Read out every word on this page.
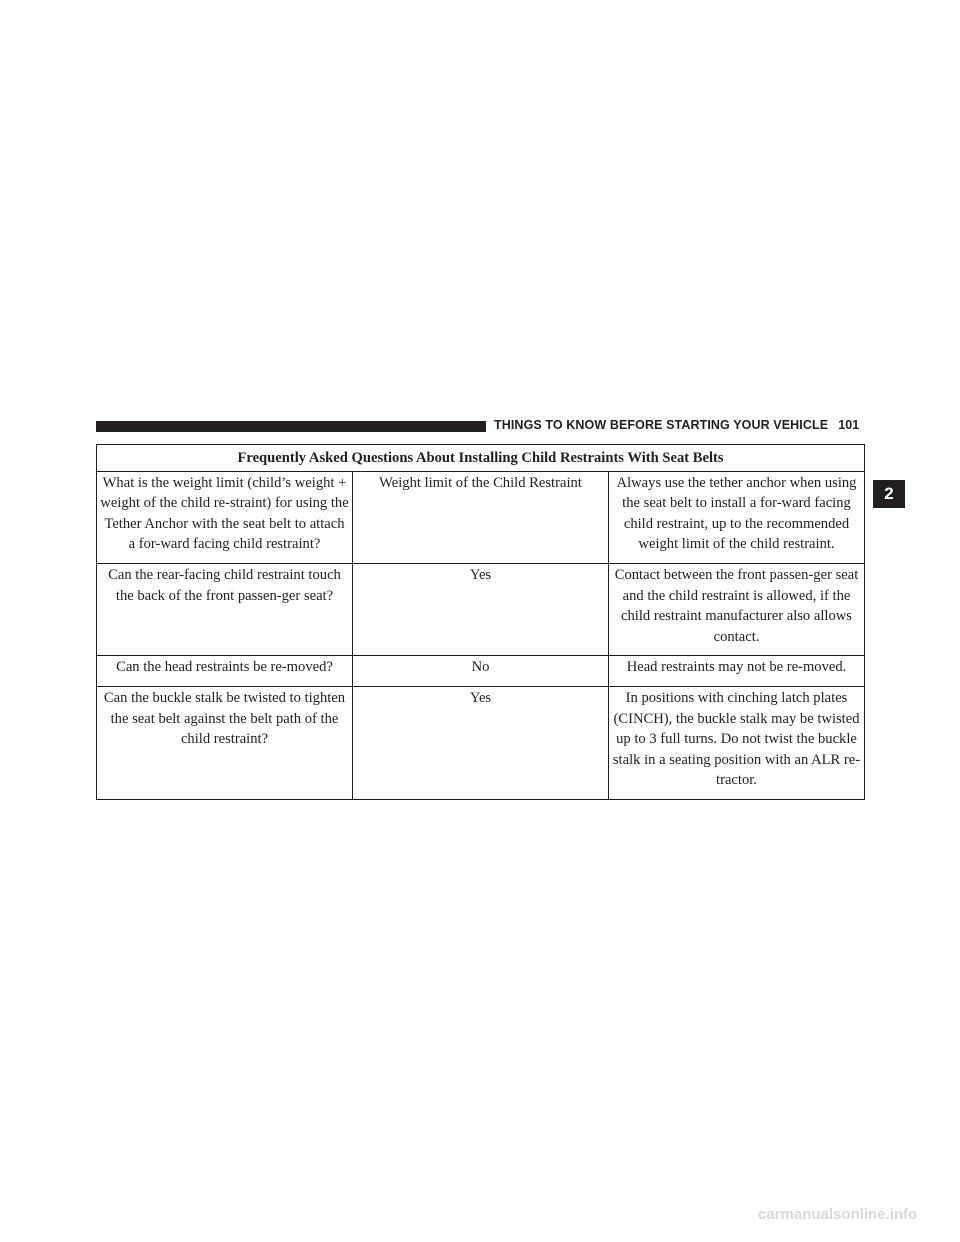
THINGS TO KNOW BEFORE STARTING YOUR VEHICLE 101
2
Frequently Asked Questions About Installing Child Restraints With Seat Belts		
What is the weight limit (child’s weight + weight of the child re-straint) for using the Tether Anchor with the seat belt to attach a for-ward facing child restraint?	Weight limit of the Child Restraint	Always use the tether anchor when using the seat belt to install a for-ward facing child restraint, up to the recommended weight limit of the child restraint.
Can the rear-facing child restraint touch the back of the front passen-ger seat?	Yes	Contact between the front passen-ger seat and the child restraint is allowed, if the child restraint manufacturer also allows contact.
Can the head restraints be re-moved?	No	Head restraints may not be re-moved.
Can the buckle stalk be twisted to tighten the seat belt against the belt path of the child restraint?	Yes	In positions with cinching latch plates (CINCH), the buckle stalk may be twisted up to 3 full turns. Do not twist the buckle stalk in a seating position with an ALR re-tractor.
carmanualsonline.info
